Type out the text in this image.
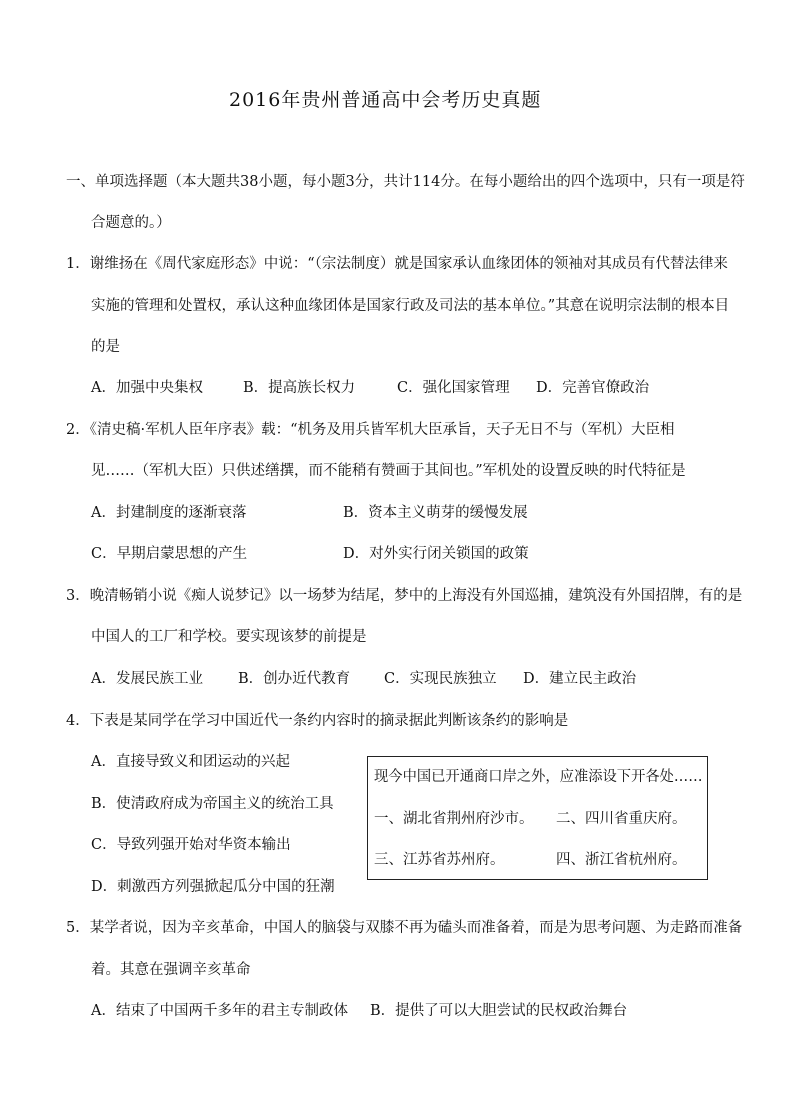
2016年贵州普通高中会考历史真题
一、单项选择题（本大题共38小题，每小题3分，共计114分。在每小题给出的四个选项中，只有一项是符
合题意的。）
1．谢维扬在《周代家庭形态》中说：“（宗法制度）就是国家承认血缘团体的领袖对其成员有代替法律来
实施的管理和处置权，承认这种血缘团体是国家行政及司法的基本单位。”其意在说明宗法制的根本目
的是
A．加强中央集权	B．提高族长权力	C．强化国家管理 D．完善官僚政治
2．《清史稿·军机人臣年序表》载：“机务及用兵皆军机大臣承旨，天子无日不与（军机）大臣相
见……（军机大臣）只供述缮撰，而不能稍有赞画于其间也。”军机处的设置反映的时代特征是
A．封建制度的逐渐衰落	B．资本主义萌芽的缓慢发展
C．早期启蒙思想的产生	D．对外实行闭关锁国的政策
3．晚清畅销小说《痴人说梦记》以一场梦为结尾，梦中的上海没有外国巡捕，建筑没有外国招牌，有的是
中国人的工厂和学校。要实现该梦的前提是
A．发展民族工业 B．创办近代教育 C．实现民族独立 D．建立民主政治
4．下表是某同学在学习中国近代一条约内容时的摘录据此判断该条约的影响是
A．直接导致义和团运动的兴起
B．使清政府成为帝国主义的统治工具
C．导致列强开始对华资本输出
D．刺激西方列强掀起瓜分中国的狂潮
现今中国已开通商口岸之外，应准添设下开各处……
一、湖北省荆州府沙市。 二、四川省重庆府。
三、江苏省苏州府。	四、浙江省杭州府。
5．某学者说，因为辛亥革命，中国人的脑袋与双膝不再为磕头而准备着，而是为思考问题、为走路而准备
着。其意在强调辛亥革命
A．结束了中国两千多年的君主专制政体 B．提供了可以大胆尝试的民权政治舞台
